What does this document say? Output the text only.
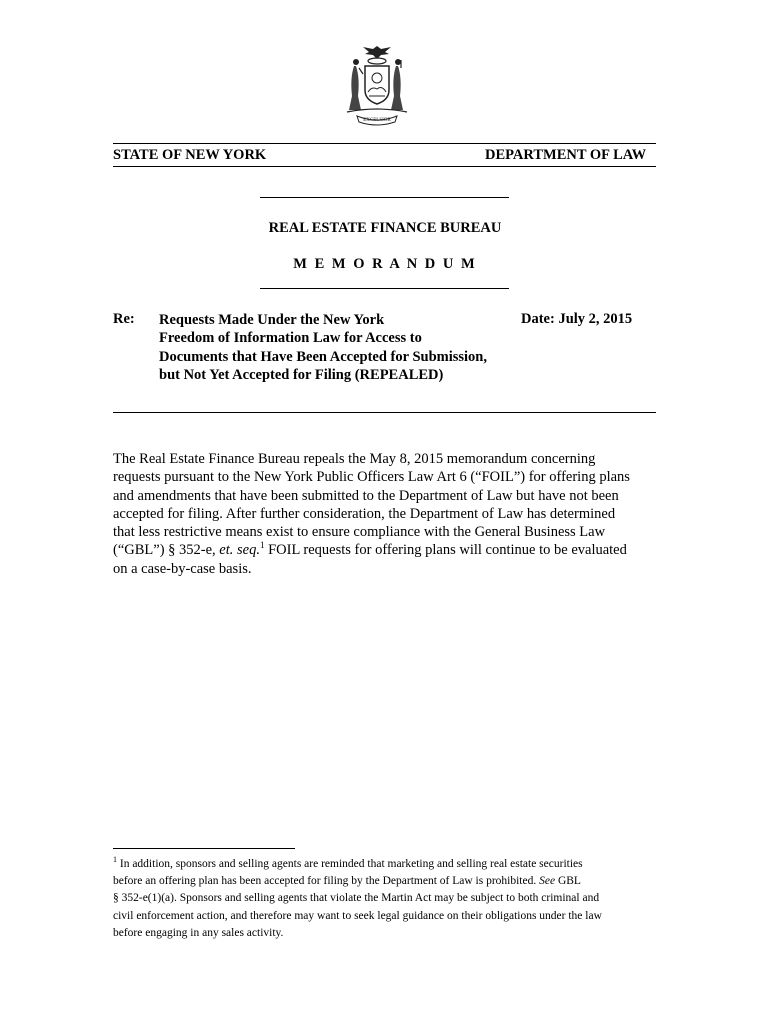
EXCELSIOR
STATE OF NEW YORK	DEPARTMENT OF LAW
REAL ESTATE FINANCE BUREAU
M E M O R A N D U M
Re: Requests Made Under the New York
Freedom of Information Law for Access to
Documents that Have Been Accepted for Submission,
but Not Yet Accepted for Filing (REPEALED)
Date: July 2, 2015
The Real Estate Finance Bureau repeals the May 8, 2015 memorandum concerning
requests pursuant to the New York Public Officers Law Art 6 (“FOIL”) for offering plans
and amendments that have been submitted to the Department of Law but have not been
accepted for filing. After further consideration, the Department of Law has determined
that less restrictive means exist to ensure compliance with the General Business Law
(“GBL”) § 352-e, et. seq.$^1$ FOIL requests for offering plans will continue to be evaluated
on a case-by-case basis.
$^1$ In addition, sponsors and selling agents are reminded that marketing and selling real estate securities
before an offering plan has been accepted for filing by the Department of Law is prohibited. See GBL
§ 352-e(1)(a). Sponsors and selling agents that violate the Martin Act may be subject to both criminal and
civil enforcement action, and therefore may want to seek legal guidance on their obligations under the law
before engaging in any sales activity.
